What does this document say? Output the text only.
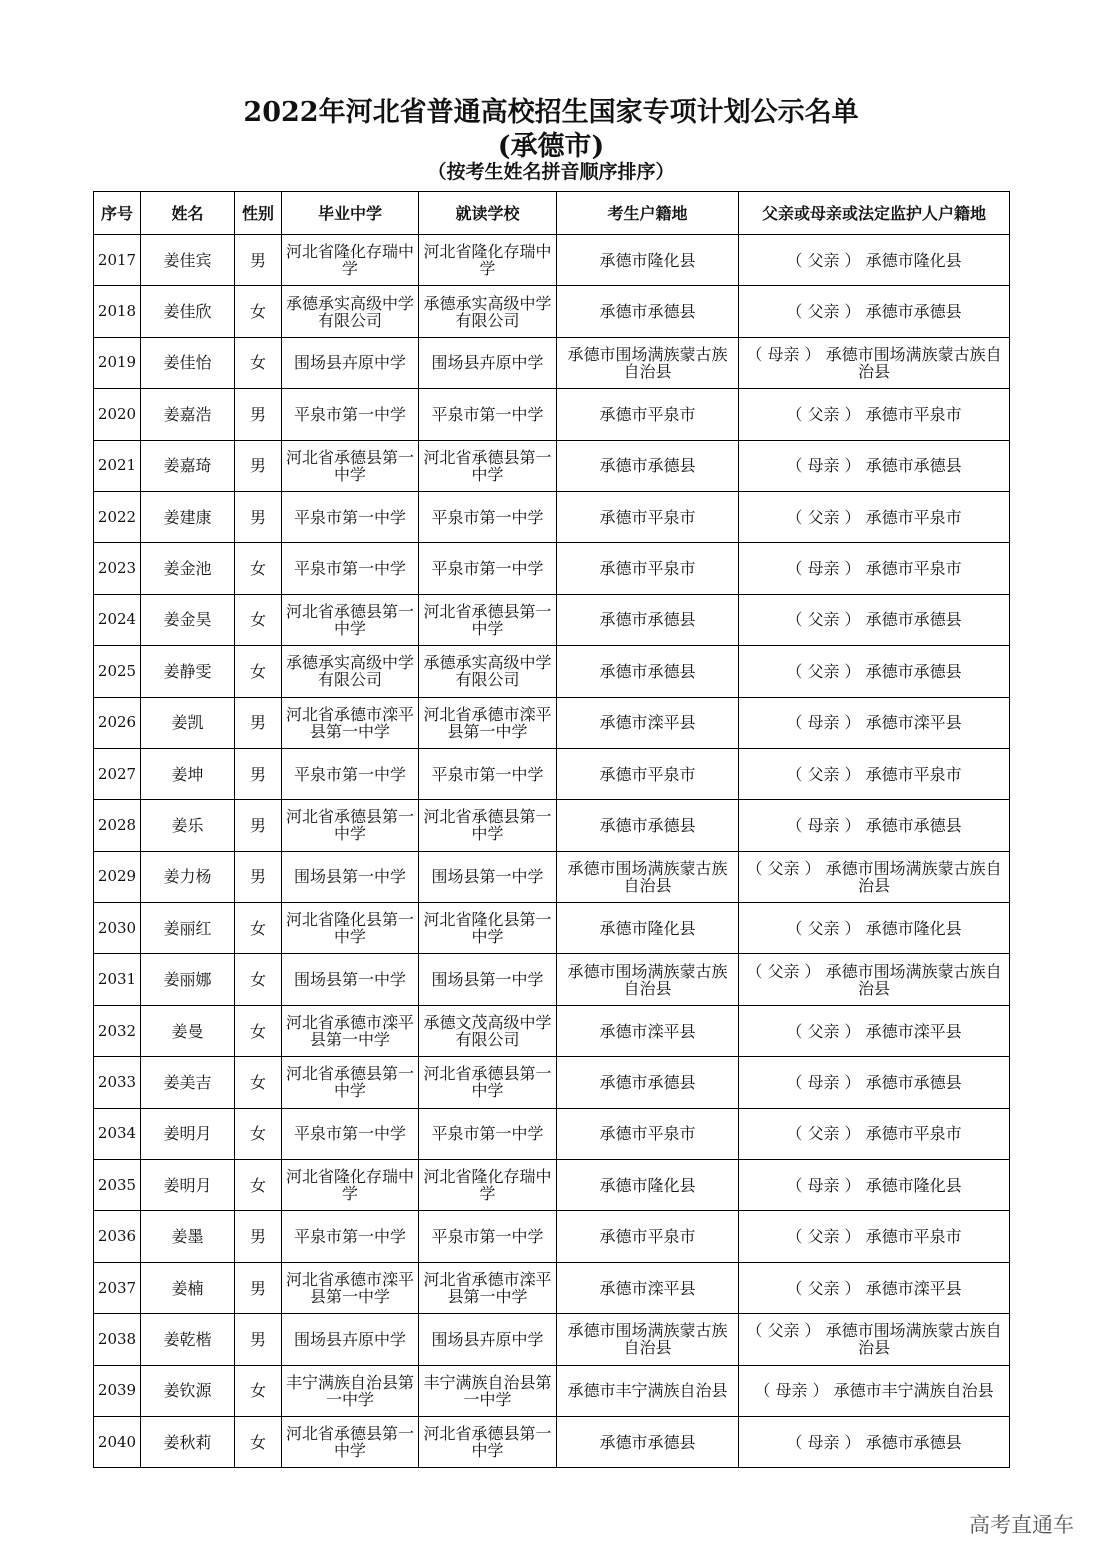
2022年河北省普通高校招生国家专项计划公示名单
(承德市)
（按考生姓名拼音顺序排序）
序号	姓名	性别	毕业中学	就读学校	考生户籍地	父亲或母亲或法定监护人户籍地
2017	姜佳宾	男	河北省隆化存瑞中学	河北省隆化存瑞中学	承德市隆化县	（ 父亲 ） 承德市隆化县
2018	姜佳欣	女	承德承实高级中学有限公司	承德承实高级中学有限公司	承德市承德县	（ 父亲 ） 承德市承德县
2019	姜佳怡	女	围场县卉原中学	围场县卉原中学	承德市围场满族蒙古族自治县	（ 母亲 ） 承德市围场满族蒙古族自治县
2020	姜嘉浩	男	平泉市第一中学	平泉市第一中学	承德市平泉市	（ 父亲 ） 承德市平泉市
2021	姜嘉琦	男	河北省承德县第一中学	河北省承德县第一中学	承德市承德县	（ 母亲 ） 承德市承德县
2022	姜建康	男	平泉市第一中学	平泉市第一中学	承德市平泉市	（ 父亲 ） 承德市平泉市
2023	姜金池	女	平泉市第一中学	平泉市第一中学	承德市平泉市	（ 母亲 ） 承德市平泉市
2024	姜金昊	女	河北省承德县第一中学	河北省承德县第一中学	承德市承德县	（ 父亲 ） 承德市承德县
2025	姜静雯	女	承德承实高级中学有限公司	承德承实高级中学有限公司	承德市承德县	（ 父亲 ） 承德市承德县
2026	姜凯	男	河北省承德市滦平县第一中学	河北省承德市滦平县第一中学	承德市滦平县	（ 母亲 ） 承德市滦平县
2027	姜坤	男	平泉市第一中学	平泉市第一中学	承德市平泉市	（ 父亲 ） 承德市平泉市
2028	姜乐	男	河北省承德县第一中学	河北省承德县第一中学	承德市承德县	（ 母亲 ） 承德市承德县
2029	姜力杨	男	围场县第一中学	围场县第一中学	承德市围场满族蒙古族自治县	（ 父亲 ） 承德市围场满族蒙古族自治县
2030	姜丽红	女	河北省隆化县第一中学	河北省隆化县第一中学	承德市隆化县	（ 父亲 ） 承德市隆化县
2031	姜丽娜	女	围场县第一中学	围场县第一中学	承德市围场满族蒙古族自治县	（ 父亲 ） 承德市围场满族蒙古族自治县
2032	姜曼	女	河北省承德市滦平县第一中学	承德文茂高级中学有限公司	承德市滦平县	（ 父亲 ） 承德市滦平县
2033	姜美吉	女	河北省承德县第一中学	河北省承德县第一中学	承德市承德县	（ 母亲 ） 承德市承德县
2034	姜明月	女	平泉市第一中学	平泉市第一中学	承德市平泉市	（ 父亲 ） 承德市平泉市
2035	姜明月	女	河北省隆化存瑞中学	河北省隆化存瑞中学	承德市隆化县	（ 母亲 ） 承德市隆化县
2036	姜墨	男	平泉市第一中学	平泉市第一中学	承德市平泉市	（ 父亲 ） 承德市平泉市
2037	姜楠	男	河北省承德市滦平县第一中学	河北省承德市滦平县第一中学	承德市滦平县	（ 父亲 ） 承德市滦平县
2038	姜乾楷	男	围场县卉原中学	围场县卉原中学	承德市围场满族蒙古族自治县	（ 父亲 ） 承德市围场满族蒙古族自治县
2039	姜钦源	女	丰宁满族自治县第一中学	丰宁满族自治县第一中学	承德市丰宁满族自治县	（ 母亲 ） 承德市丰宁满族自治县
2040	姜秋莉	女	河北省承德县第一中学	河北省承德县第一中学	承德市承德县	（ 母亲 ） 承德市承德县
高考直通车
